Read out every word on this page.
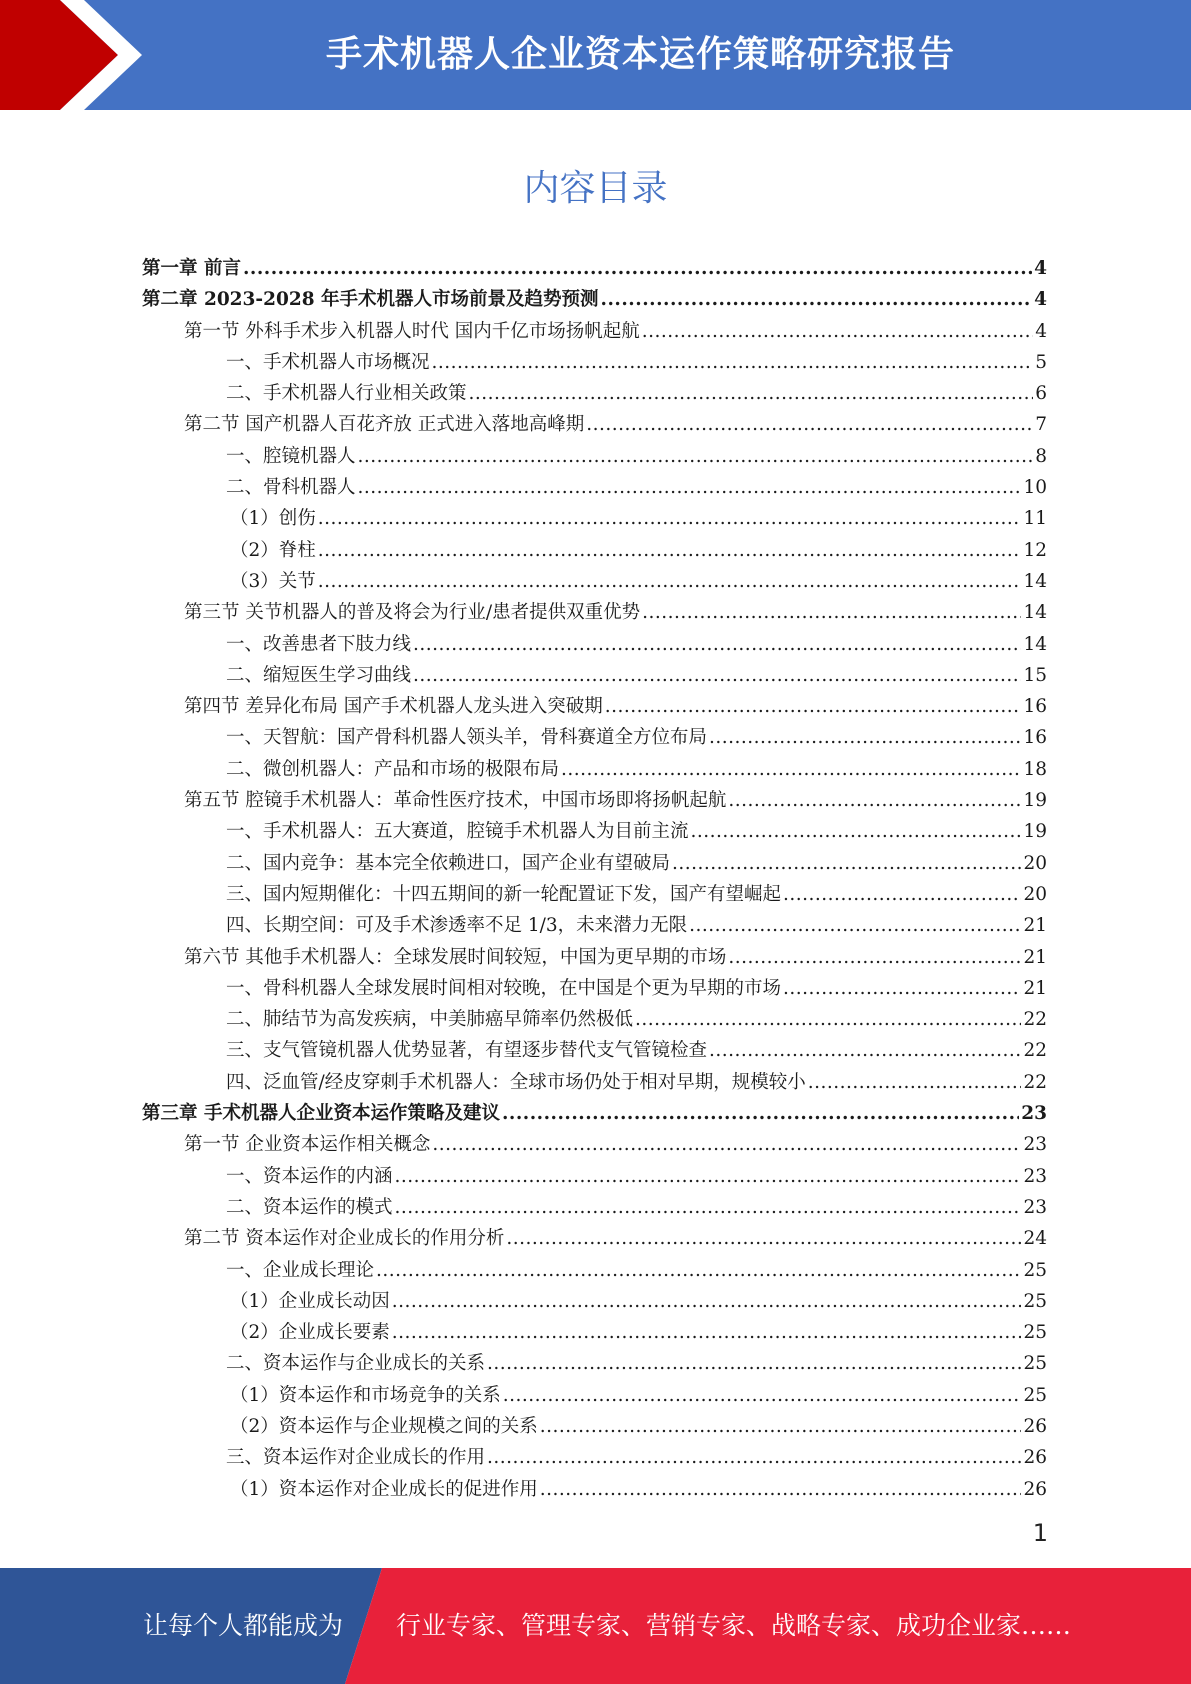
手术机器人企业资本运作策略研究报告
内容目录
第一章 前言 .....	4
第二章 2023-2028 年手术机器人市场前景及趋势预测 .....	4
第一节 外科手术步入机器人时代 国内千亿市场扬帆起航 .....	4
一、手术机器人市场概况 .....	5
二、手术机器人行业相关政策 .....	6
第二节 国产机器人百花齐放 正式进入落地高峰期 .....	7
一、腔镜机器人 .....	8
二、骨科机器人 .....	10
（1）创伤 .....	11
（2）脊柱 .....	12
（3）关节 .....	14
第三节 关节机器人的普及将会为行业/患者提供双重优势 .....	14
一、改善患者下肢力线 .....	14
二、缩短医生学习曲线 .....	15
第四节 差异化布局 国产手术机器人龙头进入突破期 .....	16
一、天智航：国产骨科机器人领头羊，骨科赛道全方位布局 .....	16
二、微创机器人：产品和市场的极限布局 .....	18
第五节 腔镜手术机器人：革命性医疗技术，中国市场即将扬帆起航 .....	19
一、手术机器人：五大赛道，腔镜手术机器人为目前主流 .....	19
二、国内竞争：基本完全依赖进口，国产企业有望破局 .....	20
三、国内短期催化：十四五期间的新一轮配置证下发，国产有望崛起 .....	20
四、长期空间：可及手术渗透率不足 1/3，未来潜力无限 .....	21
第六节 其他手术机器人：全球发展时间较短，中国为更早期的市场 .....	21
一、骨科机器人全球发展时间相对较晚，在中国是个更为早期的市场 .....	21
二、肺结节为高发疾病，中美肺癌早筛率仍然极低 .....	22
三、支气管镜机器人优势显著，有望逐步替代支气管镜检查 .....	22
四、泛血管/经皮穿刺手术机器人：全球市场仍处于相对早期，规模较小 .....	22
第三章 手术机器人企业资本运作策略及建议 .....	23
第一节 企业资本运作相关概念 .....	23
一、资本运作的内涵 .....	23
二、资本运作的模式 .....	23
第二节 资本运作对企业成长的作用分析 .....	24
一、企业成长理论 .....	25
（1）企业成长动因 .....	25
（2）企业成长要素 .....	25
二、资本运作与企业成长的关系 .....	25
（1）资本运作和市场竞争的关系 .....	25
（2）资本运作与企业规模之间的关系 .....	26
三、资本运作对企业成长的作用 .....	26
（1）资本运作对企业成长的促进作用 .....	26
1
让每个人都能成为 行业专家、管理专家、营销专家、战略专家、成功企业家……
